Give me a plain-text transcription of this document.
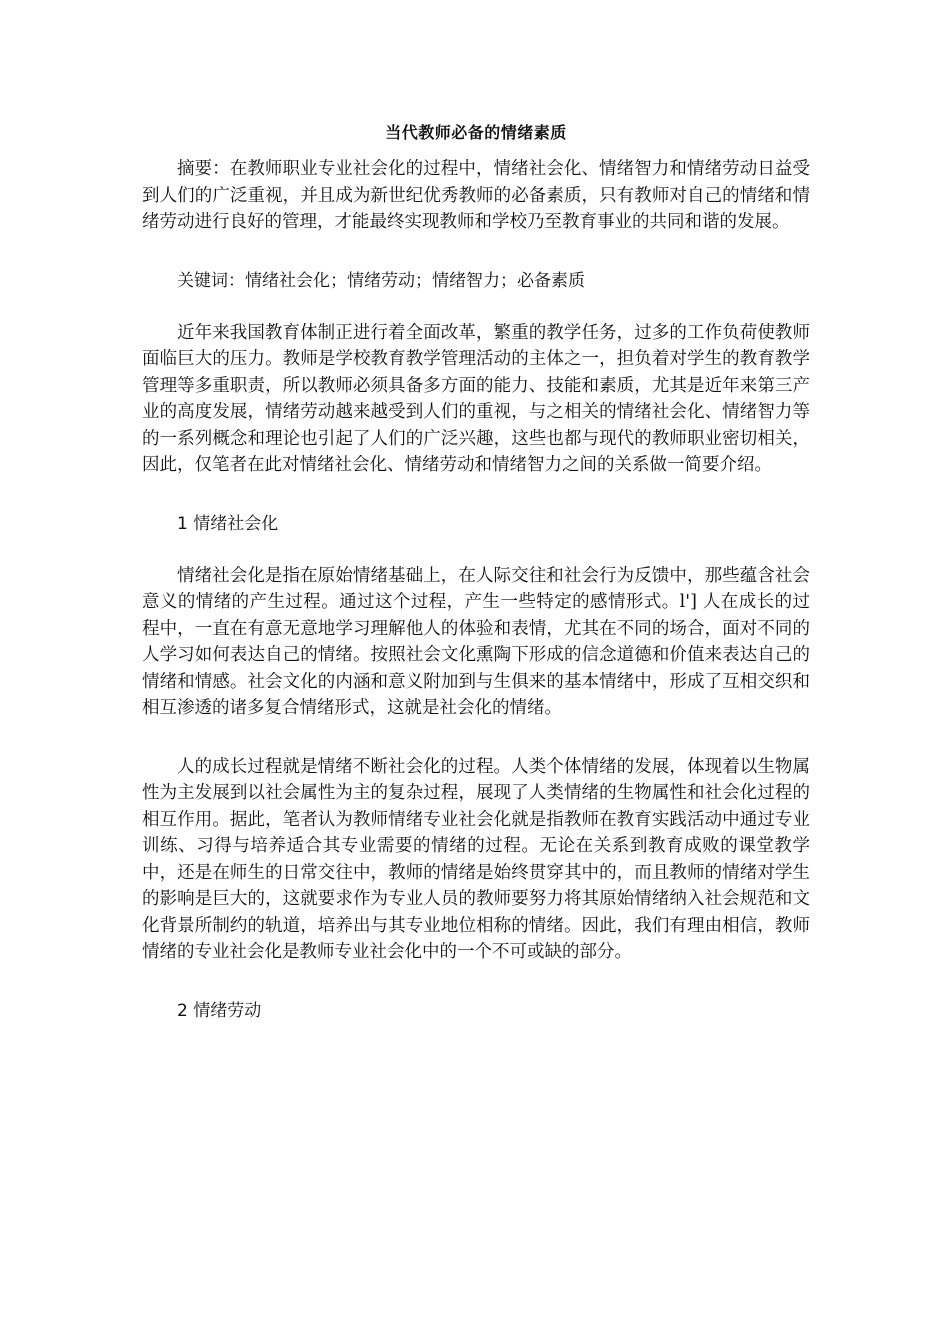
当代教师必备的情绪素质

摘要：在教师职业专业社会化的过程中，情绪社会化、情绪智力和情绪劳动日益受到人们的广泛重视，并且成为新世纪优秀教师的必备素质，只有教师对自己的情绪和情绪劳动进行良好的管理，才能最终实现教师和学校乃至教育事业的共同和谐的发展。

关键词：情绪社会化；情绪劳动；情绪智力；必备素质

近年来我国教育体制正进行着全面改革，繁重的教学任务，过多的工作负荷使教师面临巨大的压力。教师是学校教育教学管理活动的主体之一，担负着对学生的教育教学管理等多重职责，所以教师必须具备多方面的能力、技能和素质，尤其是近年来第三产业的高度发展，情绪劳动越来越受到人们的重视，与之相关的情绪社会化、情绪智力等的一系列概念和理论也引起了人们的广泛兴趣，这些也都与现代的教师职业密切相关，因此，仅笔者在此对情绪社会化、情绪劳动和情绪智力之间的关系做一简要介绍。

1 情绪社会化

情绪社会化是指在原始情绪基础上，在人际交往和社会行为反馈中，那些蕴含社会意义的情绪的产生过程。通过这个过程，产生一些特定的感情形式。l'] 人在成长的过程中，一直在有意无意地学习理解他人的体验和表情，尤其在不同的场合，面对不同的人学习如何表达自己的情绪。按照社会文化熏陶下形成的信念道德和价值来表达自己的情绪和情感。社会文化的内涵和意义附加到与生俱来的基本情绪中，形成了互相交织和相互渗透的诸多复合情绪形式，这就是社会化的情绪。

人的成长过程就是情绪不断社会化的过程。人类个体情绪的发展，体现着以生物属性为主发展到以社会属性为主的复杂过程，展现了人类情绪的生物属性和社会化过程的相互作用。据此，笔者认为教师情绪专业社会化就是指教师在教育实践活动中通过专业训练、习得与培养适合其专业需要的情绪的过程。无论在关系到教育成败的课堂教学中，还是在师生的日常交往中，教师的情绪是始终贯穿其中的，而且教师的情绪对学生的影响是巨大的，这就要求作为专业人员的教师要努力将其原始情绪纳入社会规范和文化背景所制约的轨道，培养出与其专业地位相称的情绪。因此，我们有理由相信，教师情绪的专业社会化是教师专业社会化中的一个不可或缺的部分。

2 情绪劳动
